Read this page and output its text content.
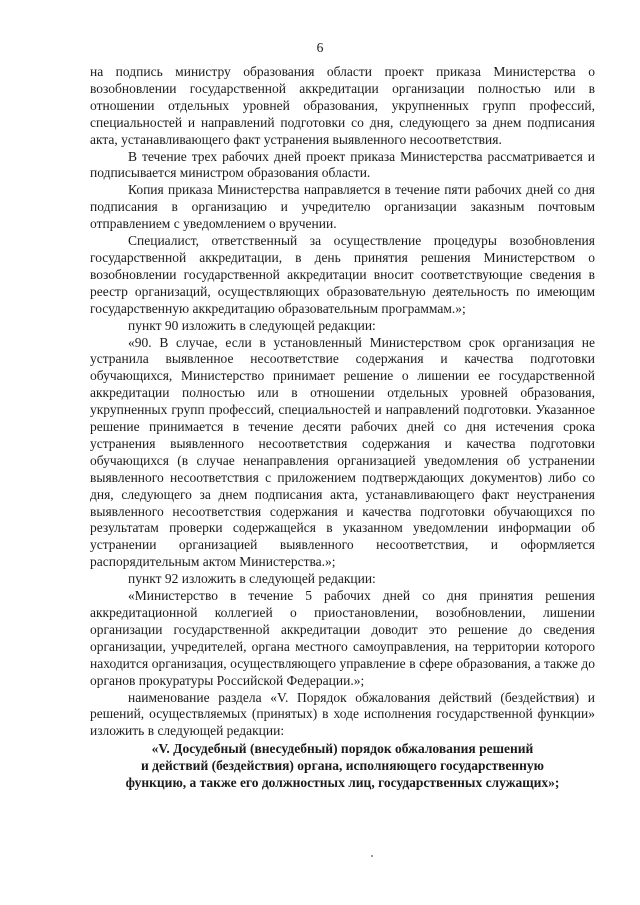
6

на подпись министру образования области проект приказа Министерства о возобновлении государственной аккредитации организации полностью или в отношении отдельных уровней образования, укрупненных групп профессий, специальностей и направлений подготовки со дня, следующего за днем подписания акта, устанавливающего факт устранения выявленного несоответствия.

В течение трех рабочих дней проект приказа Министерства рассматривается и подписывается министром образования области.

Копия приказа Министерства направляется в течение пяти рабочих дней со дня подписания в организацию и учредителю организации заказным почтовым отправлением с уведомлением о вручении.

Специалист, ответственный за осуществление процедуры возобновления государственной аккредитации, в день принятия решения Министерством о возобновлении государственной аккредитации вносит соответствующие сведения в реестр организаций, осуществляющих образовательную деятельность по имеющим государственную аккредитацию образовательным программам.»;

пункт 90 изложить в следующей редакции:

«90. В случае, если в установленный Министерством срок организация не устранила выявленное несоответствие содержания и качества подготовки обучающихся, Министерство принимает решение о лишении ее государственной аккредитации полностью или в отношении отдельных уровней образования, укрупненных групп профессий, специальностей и направлений подготовки. Указанное решение принимается в течение десяти рабочих дней со дня истечения срока устранения выявленного несоответствия содержания и качества подготовки обучающихся (в случае ненаправления организацией уведомления об устранении выявленного несоответствия с приложением подтверждающих документов) либо со дня, следующего за днем подписания акта, устанавливающего факт неустранения выявленного несоответствия содержания и качества подготовки обучающихся по результатам проверки содержащейся в указанном уведомлении информации об устранении организацией выявленного несоответствия, и оформляется распорядительным актом Министерства.»;

пункт 92 изложить в следующей редакции:

«Министерство в течение 5 рабочих дней со дня принятия решения аккредитационной коллегией о приостановлении, возобновлении, лишении организации государственной аккредитации доводит это решение до сведения организации, учредителей, органа местного самоуправления, на территории которого находится организация, осуществляющего управление в сфере образования, а также до органов прокуратуры Российской Федерации.»;

наименование раздела «V. Порядок обжалования действий (бездействия) и решений, осуществляемых (принятых) в ходе исполнения государственной функции» изложить в следующей редакции:

«V. Досудебный (внесудебный) порядок обжалования решений
и действий (бездействия) органа, исполняющего государственную
функцию, а также его должностных лиц, государственных служащих»;
